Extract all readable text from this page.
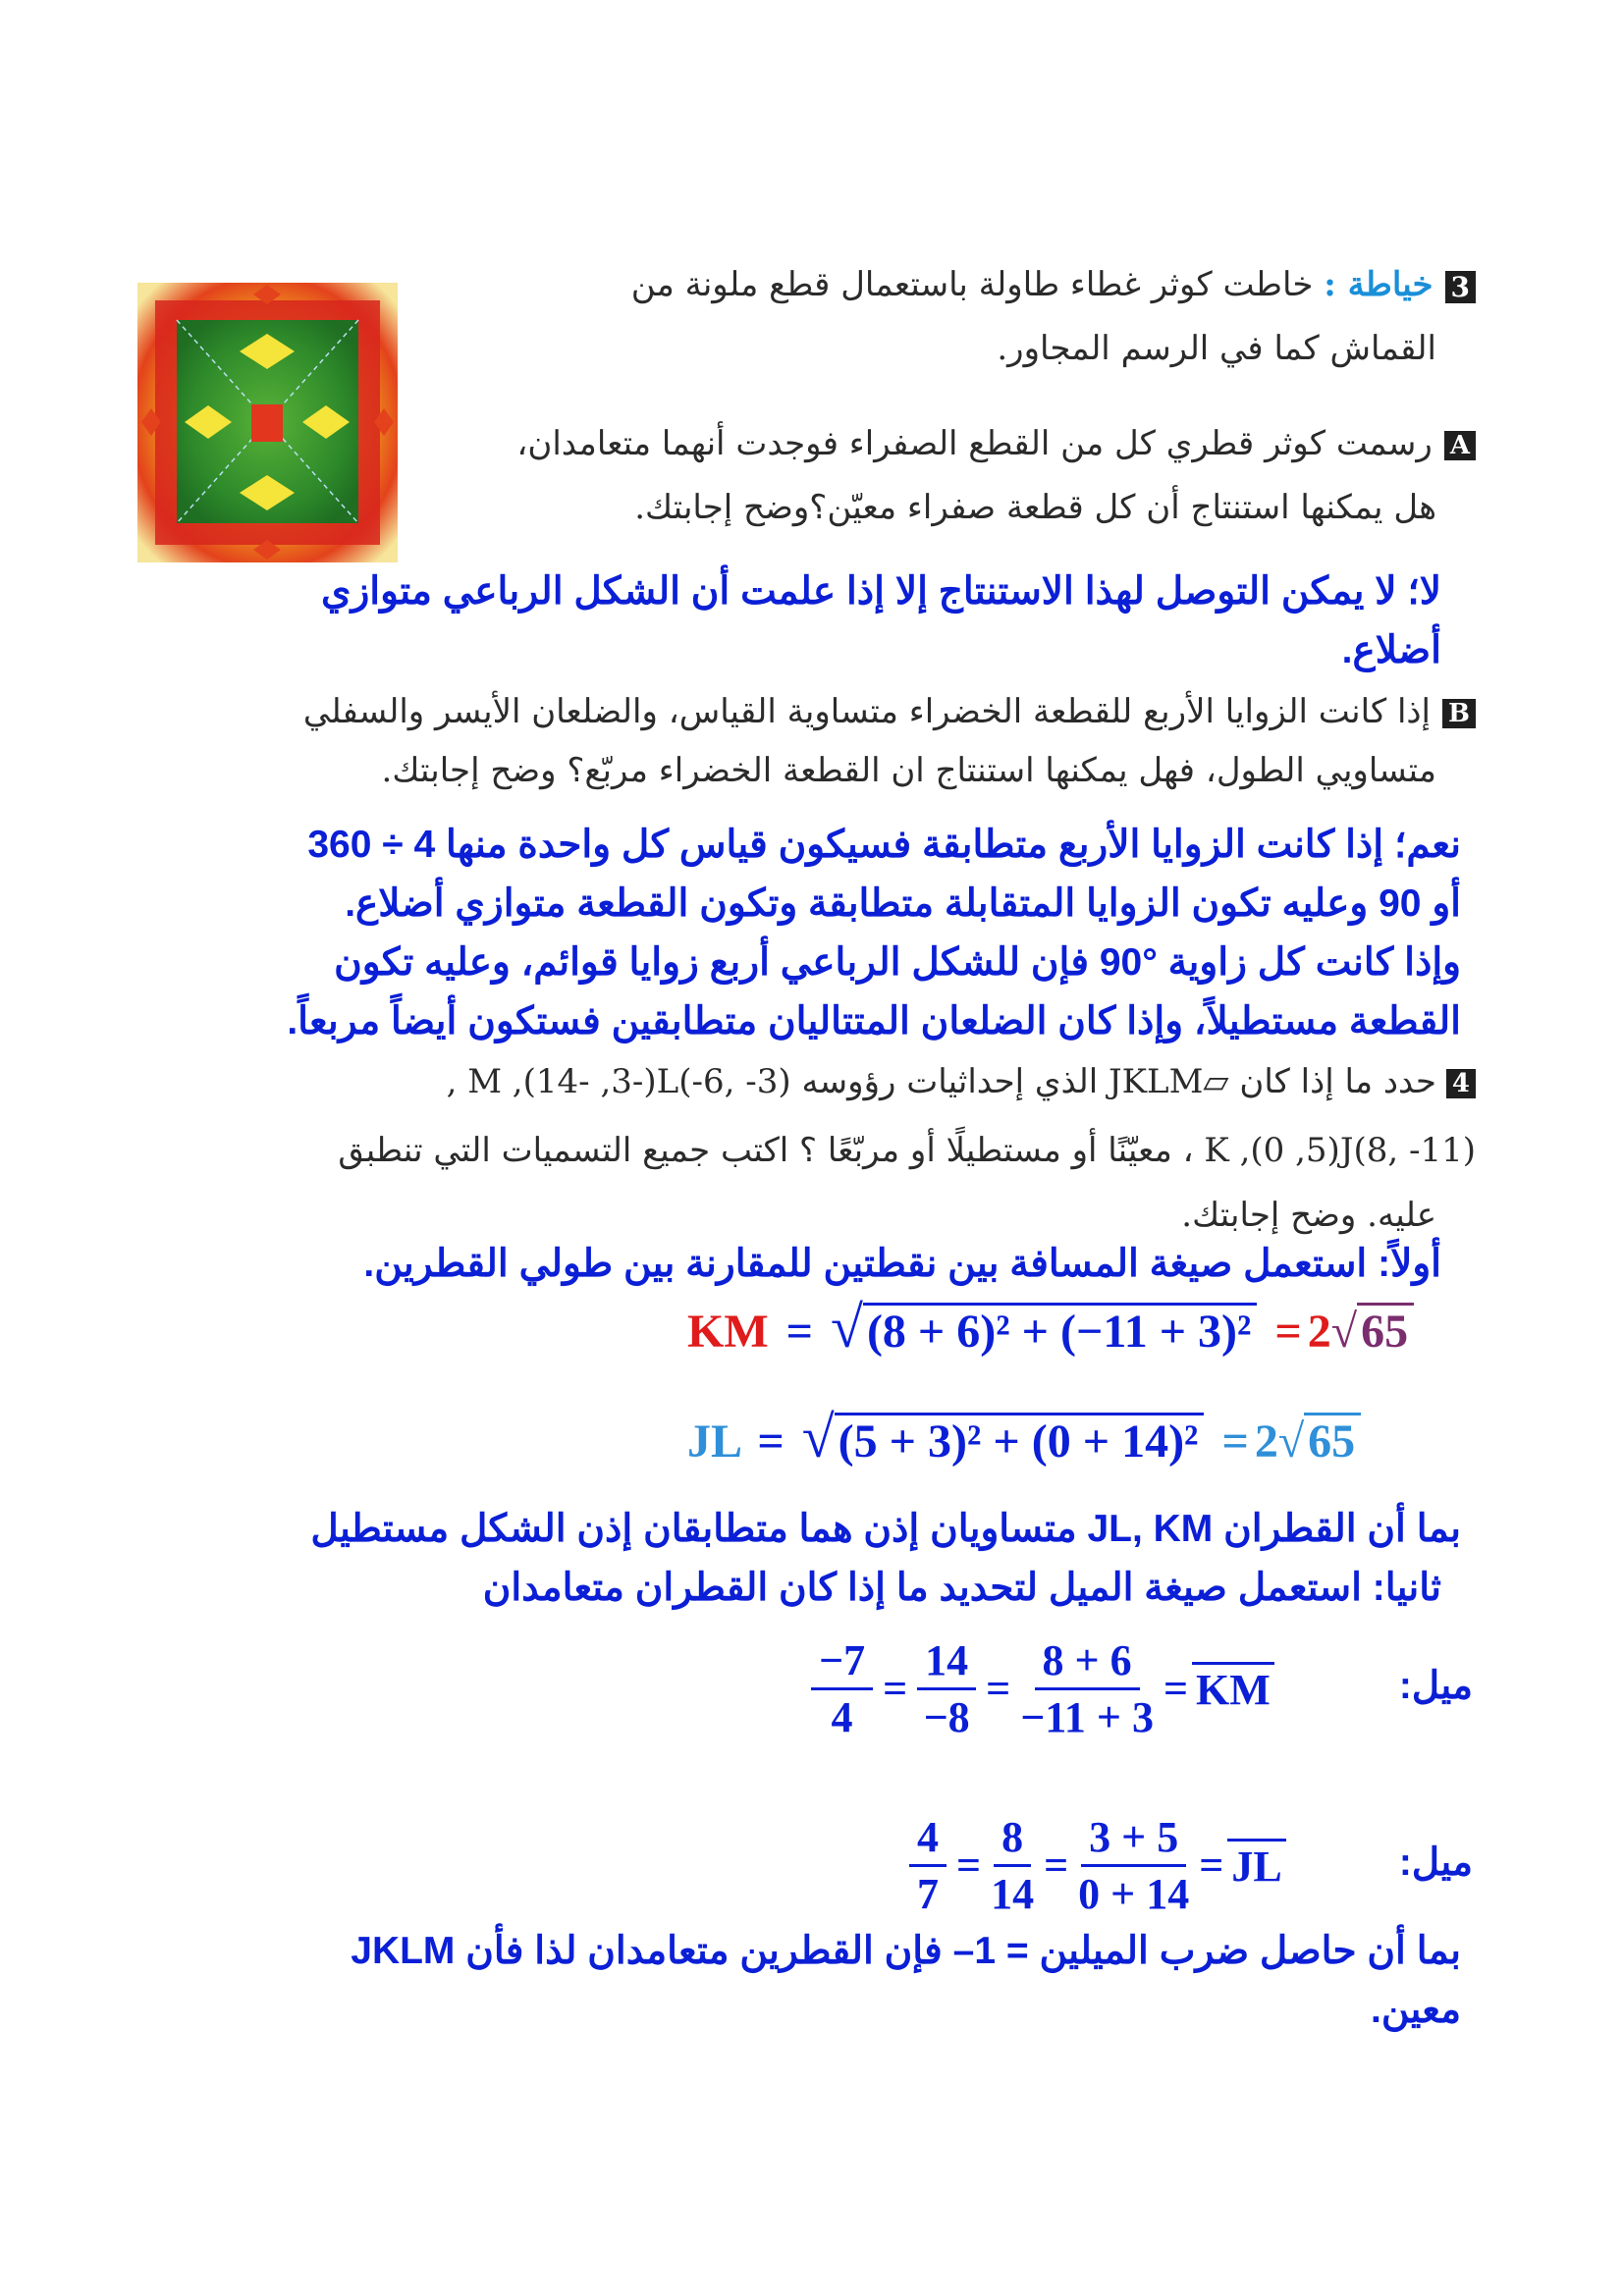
3خياطة : خاطت كوثر غطاء طاولة باستعمال قطع ملونة من
القماش كما في الرسم المجاور.
Aرسمت كوثر قطري كل من القطع الصفراء فوجدت أنهما متعامدان،
هل يمكنها استنتاج أن كل قطعة صفراء معيّن؟وضح إجابتك.
لا؛ لا يمكن التوصل لهذا الاستنتاج إلا إذا علمت أن الشكل الرباعي متوازي
أضلاع.
Bإذا كانت الزوايا الأربع للقطعة الخضراء متساوية القياس، والضلعان الأيسر والسفلي
متساويي الطول، فهل يمكنها استنتاج ان القطعة الخضراء مربّع؟ وضح إجابتك.
نعم؛ إذا كانت الزوايا الأربع متطابقة فسيكون قياس كل واحدة منها 4 ÷ 360
أو 90 وعليه تكون الزوايا المتقابلة متطابقة وتكون القطعة متوازي أضلاع.
وإذا كانت كل زاوية °90 فإن للشكل الرباعي أربع زوايا قوائم، وعليه تكون
القطعة مستطيلاً، وإذا كان الضلعان المتتاليان متطابقين فستكون أيضاً مربعاً.
4حدد ما إذا كان ▱JKLM الذي إحداثيات رؤوسه (3- ,6-)M ,(14- ,3-)L ,
(11- ,8)K ,(0 ,5)J ، معيّنًا أو مستطيلًا أو مربّعًا ؟ اكتب جميع التسميات التي تنطبق
عليه. وضح إجابتك.
أولاً: استعمل صيغة المسافة بين نقطتين للمقارنة بين طولي القطرين.
KM = √(8 + 6)² + (−11 + 3)² = 2√65
JL = √(5 + 3)² + (0 + 14)² = 2√65
بما أن القطران JL, KM متساويان إذن هما متطابقان إذن الشكل مستطيل
ثانيا: استعمل صيغة الميل لتحديد ما إذا كان القطران متعامدان
$\frac{-7}{4} = \frac{14}{-8} = \frac{8 + 6}{-11 + 3}$ = KM	ميل:
$\frac{4}{7} = \frac{8}{14} = \frac{3 + 5}{0 + 14}$ = JL	ميل:
بما أن حاصل ضرب الميلين = 1– فإن القطرين متعامدان لذا فأن JKLM
معين.
